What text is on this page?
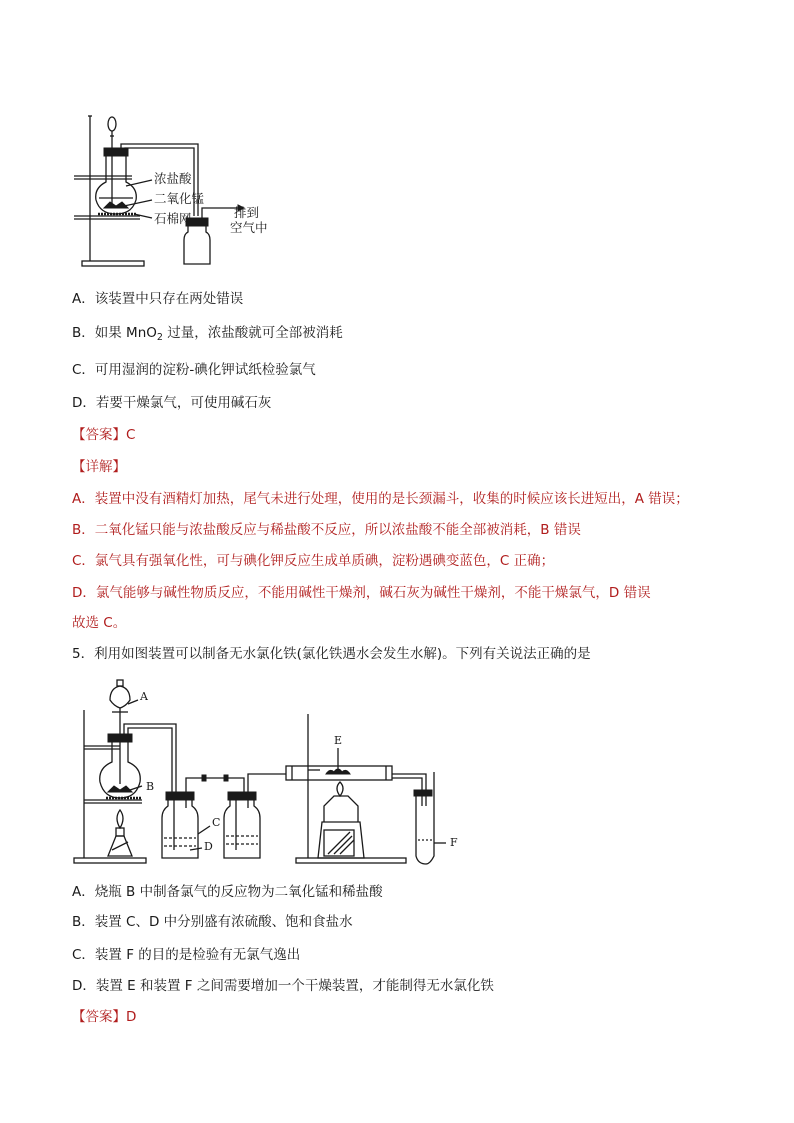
浓盐酸
二氧化锰
石棉网	排到
空气中
A．该装置中只存在两处错误
B．如果 MnO$_2$ 过量，浓盐酸就可全部被消耗
C．可用湿润的淀粉-碘化钾试纸检验氯气
D．若要干燥氯气，可使用碱石灰
【答案】C
【详解】
A．装置中没有酒精灯加热，尾气未进行处理，使用的是长颈漏斗，收集的时候应该长进短出，A 错误；
B．二氧化锰只能与浓盐酸反应与稀盐酸不反应，所以浓盐酸不能全部被消耗，B 错误
C．氯气具有强氧化性，可与碘化钾反应生成单质碘，淀粉遇碘变蓝色，C 正确；
D．氯气能够与碱性物质反应，不能用碱性干燥剂，碱石灰为碱性干燥剂，不能干燥氯气，D 错误
故选 C。
5．利用如图装置可以制备无水氯化铁(氯化铁遇水会发生水解)。下列有关说法正确的是
A
B
C
D
E
F
A．烧瓶 B 中制备氯气的反应物为二氧化锰和稀盐酸
B．装置 C、D 中分别盛有浓硫酸、饱和食盐水
C．装置 F 的目的是检验有无氯气逸出
D．装置 E 和装置 F 之间需要增加一个干燥装置，才能制得无水氯化铁
【答案】D
